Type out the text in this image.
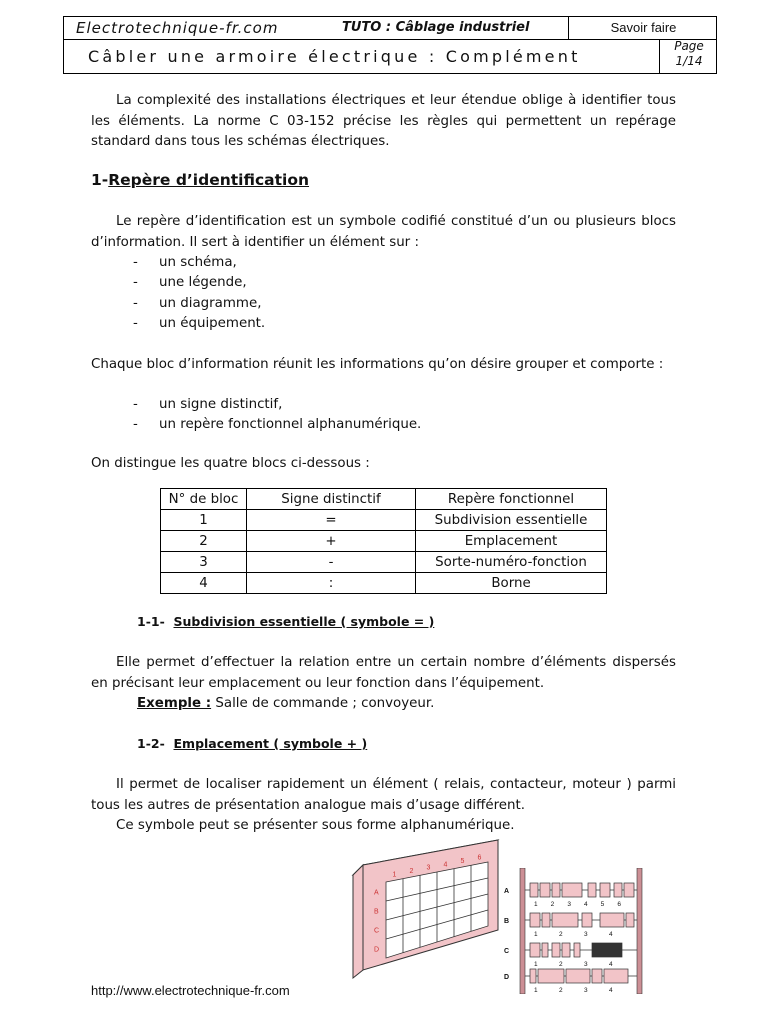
Electrotechnique-fr.com	TUTO : Câblage industriel	Savoir faire
Câbler une armoire électrique : Complément
Page
1/14
La complexité des installations électriques et leur étendue oblige à identifier tous les éléments. La norme C 03-152 précise les règles qui permettent un repérage standard dans tous les schémas électriques.
1-Repère d’identification
Le repère d’identification est un symbole codifié constitué d’un ou plusieurs blocs d’information. Il sert à identifier un élément sur :
- un schéma,
- une légende,
- un diagramme,
- un équipement.
Chaque bloc d’information réunit les informations qu’on désire grouper et comporte :
- un signe distinctif,
- un repère fonctionnel alphanumérique.
On distingue les quatre blocs ci-dessous :
N° de bloc	Signe distinctif	Repère fonctionnel
1	=	Subdivision essentielle
2	+	Emplacement
3	-	Sorte-numéro-fonction
4	:	Borne
1-1- Subdivision essentielle ( symbole = )
Elle permet d’effectuer la relation entre un certain nombre d’éléments dispersés en précisant leur emplacement ou leur fonction dans l’équipement.
Exemple : Salle de commande ; convoyeur.
1-2- Emplacement ( symbole + )
Il permet de localiser rapidement un élément ( relais, contacteur, moteur ) parmi tous les autres de présentation analogue mais d’usage différent.
Ce symbole peut se présenter sous forme alphanumérique.
1 2 3 4 5 6
A
B
C
D
A
1 2 3 4 5 6
B
1	2	3	4
C
1	2	3	4
D
1	2	3	4
http://www.electrotechnique-fr.com
